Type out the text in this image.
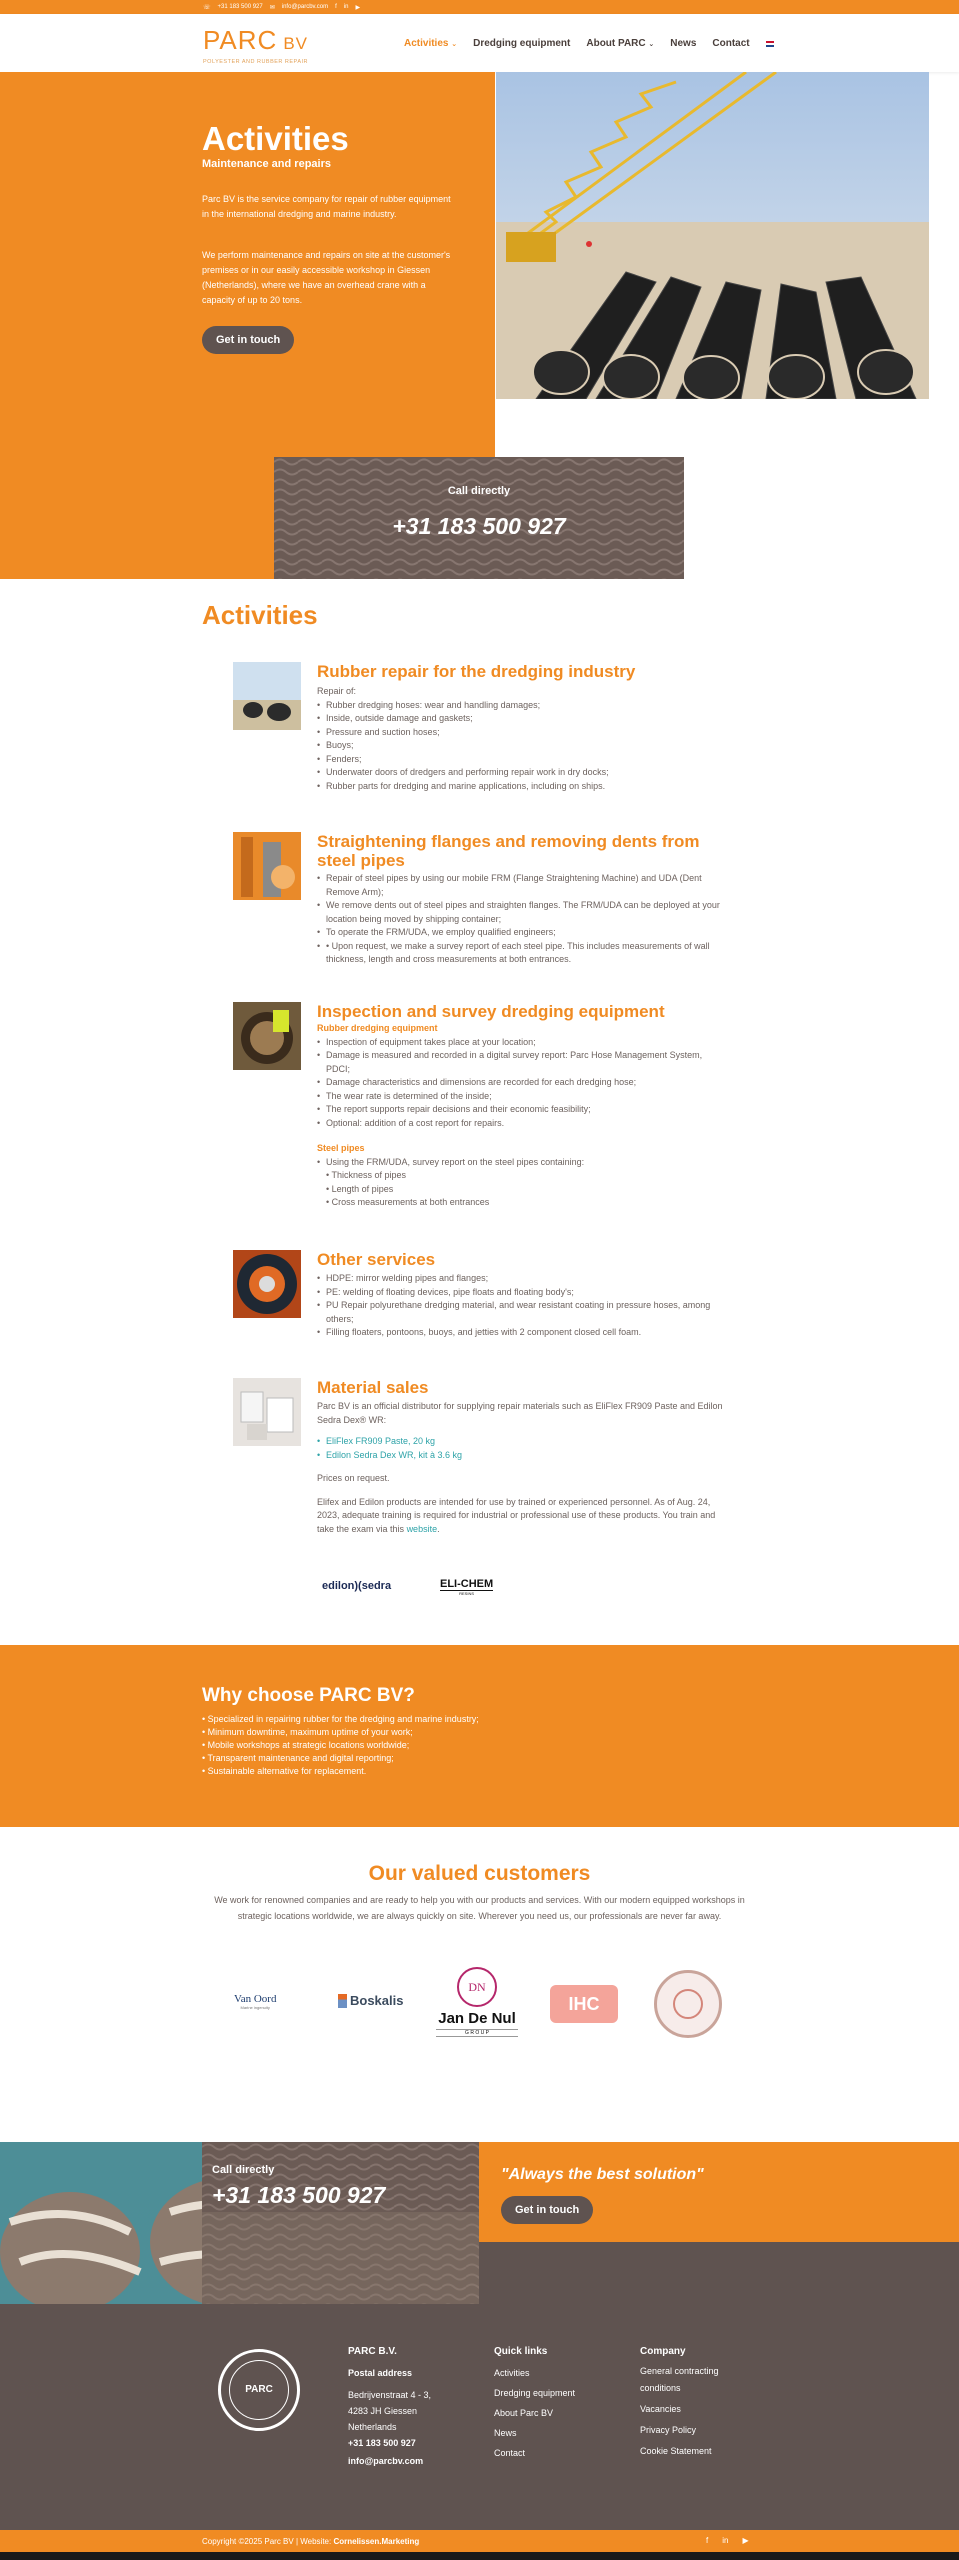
☏ +31 183 500 927 ✉ info@parcbv.com f in ▶
PARC BV
POLYESTER AND RUBBER REPAIR
Activities ⌄ Dredging equipment About PARC ⌄ News Contact
Activities
Maintenance and repairs
Parc BV is the service company for repair of rubber equipment in the international dredging and marine industry.
We perform maintenance and repairs on site at the customer's premises or in our easily accessible workshop in Giessen (Netherlands), where we have an overhead crane with a capacity of up to 20 tons.
Get in touch
Call directly
+31 183 500 927
Activities
Rubber repair for the dredging industry
Repair of:
• Rubber dredging hoses: wear and handling damages;
• Inside, outside damage and gaskets;
• Pressure and suction hoses;
• Buoys;
• Fenders;
• Underwater doors of dredgers and performing repair work in dry docks;
• Rubber parts for dredging and marine applications, including on ships.
Straightening flanges and removing dents from steel pipes
• Repair of steel pipes by using our mobile FRM (Flange Straightening Machine) and UDA (Dent Remove Arm);
• We remove dents out of steel pipes and straighten flanges. The FRM/UDA can be deployed at your location being moved by shipping container;
• To operate the FRM/UDA, we employ qualified engineers;
• • Upon request, we make a survey report of each steel pipe. This includes measurements of wall thickness, length and cross measurements at both entrances.
Inspection and survey dredging equipment
Rubber dredging equipment
• Inspection of equipment takes place at your location;
• Damage is measured and recorded in a digital survey report: Parc Hose Management System, PDCI;
• Damage characteristics and dimensions are recorded for each dredging hose;
• The wear rate is determined of the inside;
• The report supports repair decisions and their economic feasibility;
• Optional: addition of a cost report for repairs.
Steel pipes
• Using the FRM/UDA, survey report on the steel pipes containing:
• Thickness of pipes
• Length of pipes
• Cross measurements at both entrances
Other services
• HDPE: mirror welding pipes and flanges;
• PE: welding of floating devices, pipe floats and floating body's;
• PU Repair polyurethane dredging material, and wear resistant coating in pressure hoses, among others;
• Filling floaters, pontoons, buoys, and jetties with 2 component closed cell foam.
Material sales
Parc BV is an official distributor for supplying repair materials such as EliFlex FR909 Paste and Edilon Sedra Dex® WR:
• EliFlex FR909 Paste, 20 kg
• Edilon Sedra Dex WR, kit à 3.6 kg
Prices on request.
Elifex and Edilon products are intended for use by trained or experienced personnel. As of Aug. 24, 2023, adequate training is required for industrial or professional use of these products. You train and take the exam via this website.
edilon)(sedra	ELI-CHEM
RESINS
Why choose PARC BV?
• Specialized in repairing rubber for the dredging and marine industry;
• Minimum downtime, maximum uptime of your work;
• Mobile workshops at strategic locations worldwide;
• Transparent maintenance and digital reporting;
• Sustainable alternative for replacement.
Our valued customers
We work for renowned companies and are ready to help you with our products and services. With our modern equipped workshops in strategic locations worldwide, we are always quickly on site. Wherever you need us, our professionals are never far away.
Van Oord
Marine ingenuity	Boskalis
DN
Jan De Nul
G R O U P
IHC
Call directly
+31 183 500 927
"Always the best solution"
Get in touch
PARC
PARC B.V.
Postal address
Bedrijvenstraat 4 - 3,
4283 JH Giessen
Netherlands
+31 183 500 927
info@parcbv.com
Quick links
Activities
Dredging equipment
About Parc BV
News
Contact
Company
General contracting conditions
Vacancies
Privacy Policy
Cookie Statement
Copyright ©2025 Parc BV | Website: Cornelissen.Marketing	f in ▶
